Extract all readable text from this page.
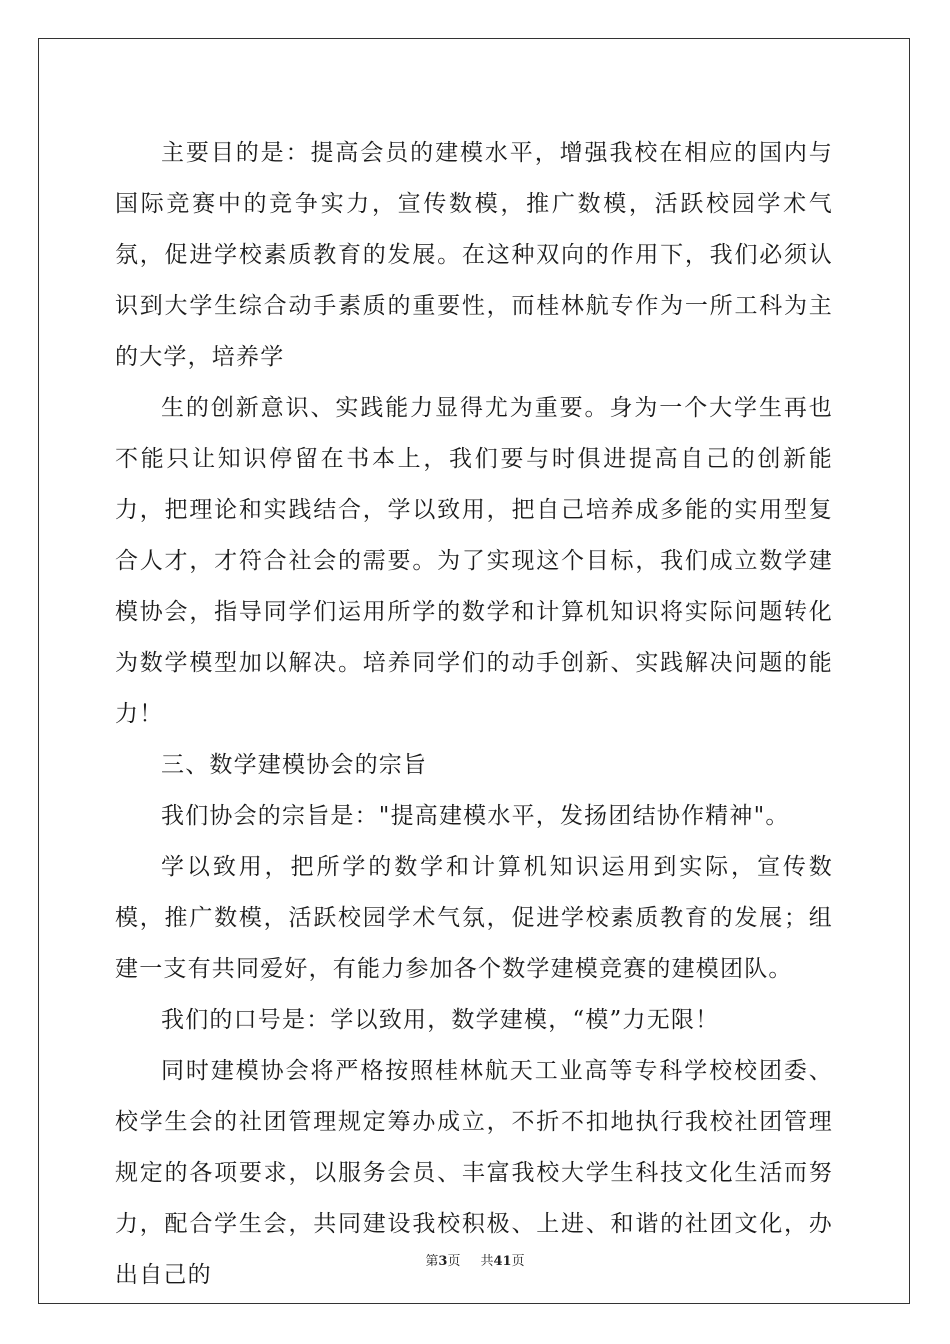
主要目的是：提高会员的建模水平，增强我校在相应的国内与国际竞赛中的竞争实力，宣传数模，推广数模，活跃校园学术气氛，促进学校素质教育的发展。在这种双向的作用下，我们必须认识到大学生综合动手素质的重要性，而桂林航专作为一所工科为主的大学，培养学

生的创新意识、实践能力显得尤为重要。身为一个大学生再也不能只让知识停留在书本上，我们要与时俱进提高自己的创新能力，把理论和实践结合，学以致用，把自己培养成多能的实用型复合人才，才符合社会的需要。为了实现这个目标，我们成立数学建模协会，指导同学们运用所学的数学和计算机知识将实际问题转化为数学模型加以解决。培养同学们的动手创新、实践解决问题的能力！

三、数学建模协会的宗旨

我们协会的宗旨是："提高建模水平，发扬团结协作精神"。

学以致用，把所学的数学和计算机知识运用到实际，宣传数模，推广数模，活跃校园学术气氛，促进学校素质教育的发展；组建一支有共同爱好，有能力参加各个数学建模竞赛的建模团队。

我们的口号是：学以致用，数学建模，“模”力无限！

同时建模协会将严格按照桂林航天工业高等专科学校校团委、校学生会的社团管理规定筹办成立，不折不扣地执行我校社团管理规定的各项要求，以服务会员、丰富我校大学生科技文化生活而努力，配合学生会，共同建设我校积极、上进、和谐的社团文化，办出自己的

第3页 共41页
